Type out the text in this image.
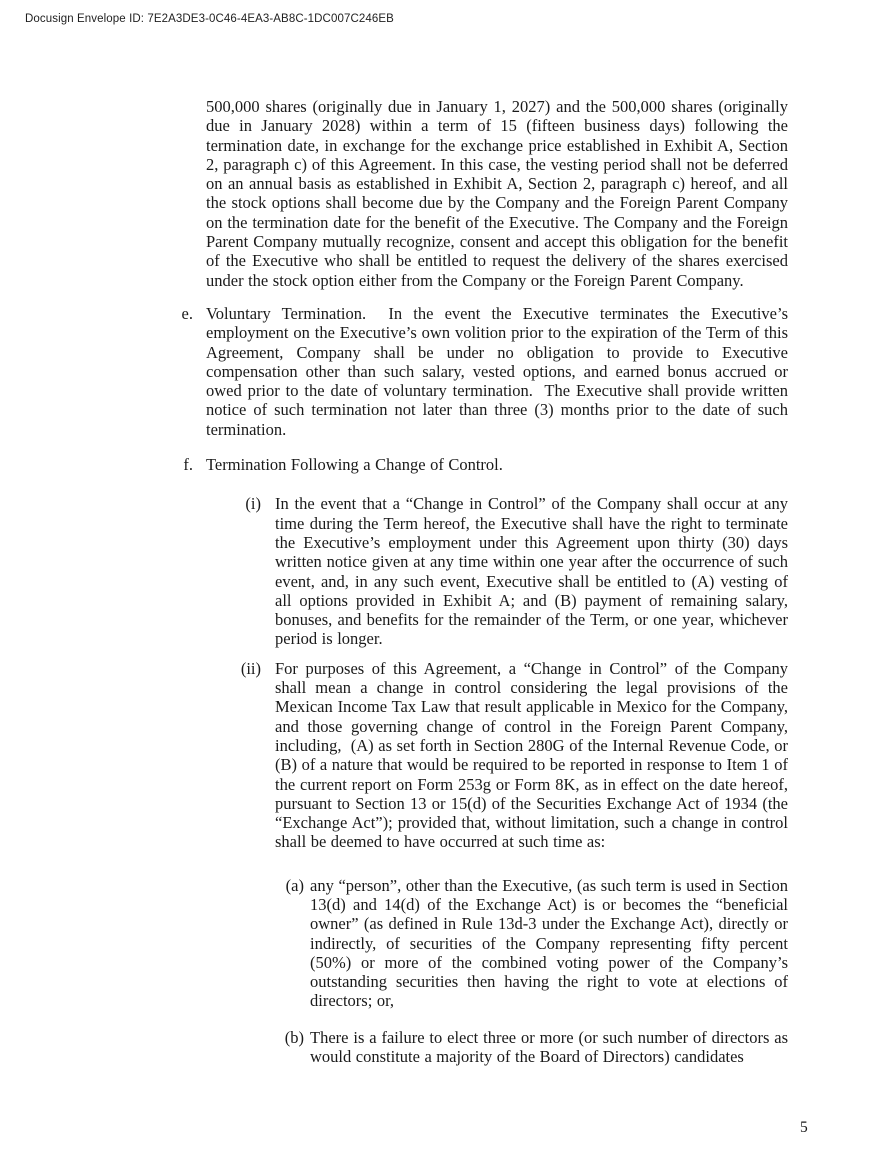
Docusign Envelope ID: 7E2A3DE3-0C46-4EA3-AB8C-1DC007C246EB
500,000 shares (originally due in January 1, 2027) and the 500,000 shares (originally due in January 2028) within a term of 15 (fifteen business days) following the termination date, in exchange for the exchange price established in Exhibit A, Section 2, paragraph c) of this Agreement. In this case, the vesting period shall not be deferred on an annual basis as established in Exhibit A, Section 2, paragraph c) hereof, and all the stock options shall become due by the Company and the Foreign Parent Company on the termination date for the benefit of the Executive. The Company and the Foreign Parent Company mutually recognize, consent and accept this obligation for the benefit of the Executive who shall be entitled to request the delivery of the shares exercised under the stock option either from the Company or the Foreign Parent Company.
e. Voluntary Termination.  In the event the Executive terminates the Executive’s employment on the Executive’s own volition prior to the expiration of the Term of this Agreement, Company shall be under no obligation to provide to Executive compensation other than such salary, vested options, and earned bonus accrued or owed prior to the date of voluntary termination.  The Executive shall provide written notice of such termination not later than three (3) months prior to the date of such termination.
f. Termination Following a Change of Control.
(i) In the event that a “Change in Control” of the Company shall occur at any time during the Term hereof, the Executive shall have the right to terminate the Executive’s employment under this Agreement upon thirty (30) days written notice given at any time within one year after the occurrence of such event, and, in any such event, Executive shall be entitled to (A) vesting of all options provided in Exhibit A; and (B) payment of remaining salary, bonuses, and benefits for the remainder of the Term, or one year, whichever period is longer.
(ii) For purposes of this Agreement, a “Change in Control” of the Company shall mean a change in control considering the legal provisions of the Mexican Income Tax Law that result applicable in Mexico for the Company, and those governing change of control in the Foreign Parent Company, including,  (A) as set forth in Section 280G of the Internal Revenue Code, or (B) of a nature that would be required to be reported in response to Item 1 of the current report on Form 253g or Form 8K, as in effect on the date hereof, pursuant to Section 13 or 15(d) of the Securities Exchange Act of 1934 (the “Exchange Act”); provided that, without limitation, such a change in control shall be deemed to have occurred at such time as:
(a) any “person”, other than the Executive, (as such term is used in Section 13(d) and 14(d) of the Exchange Act) is or becomes the “beneficial owner” (as defined in Rule 13d-3 under the Exchange Act), directly or indirectly, of securities of the Company representing fifty percent (50%) or more of the combined voting power of the Company’s outstanding securities then having the right to vote at elections of directors; or,
(b) There is a failure to elect three or more (or such number of directors as would constitute a majority of the Board of Directors) candidates
5
